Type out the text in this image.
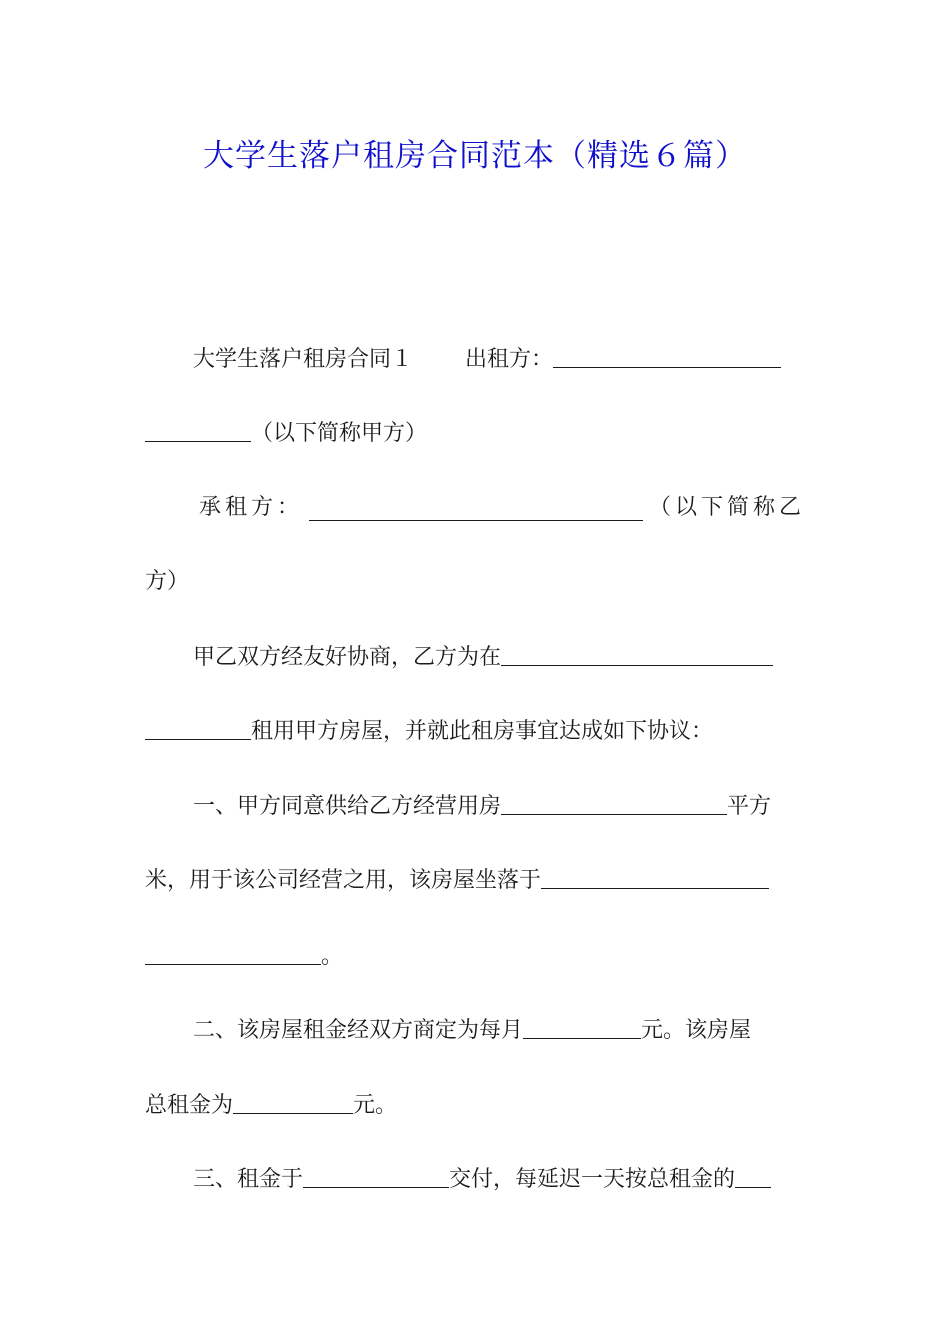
大学生落户租房合同范本（精选６篇）
大学生落户租房合同１ 出租方：
（以下简称甲方）
承租方：	（以下简称乙
方）
甲乙双方经友好协商，乙方为在
租用甲方房屋，并就此租房事宜达成如下协议：
一、甲方同意供给乙方经营用房	平方
米，用于该公司经营之用，该房屋坐落于
。
二、该房屋租金经双方商定为每月	元。该房屋
总租金为	元。
三、租金于	交付，每延迟一天按总租金的
